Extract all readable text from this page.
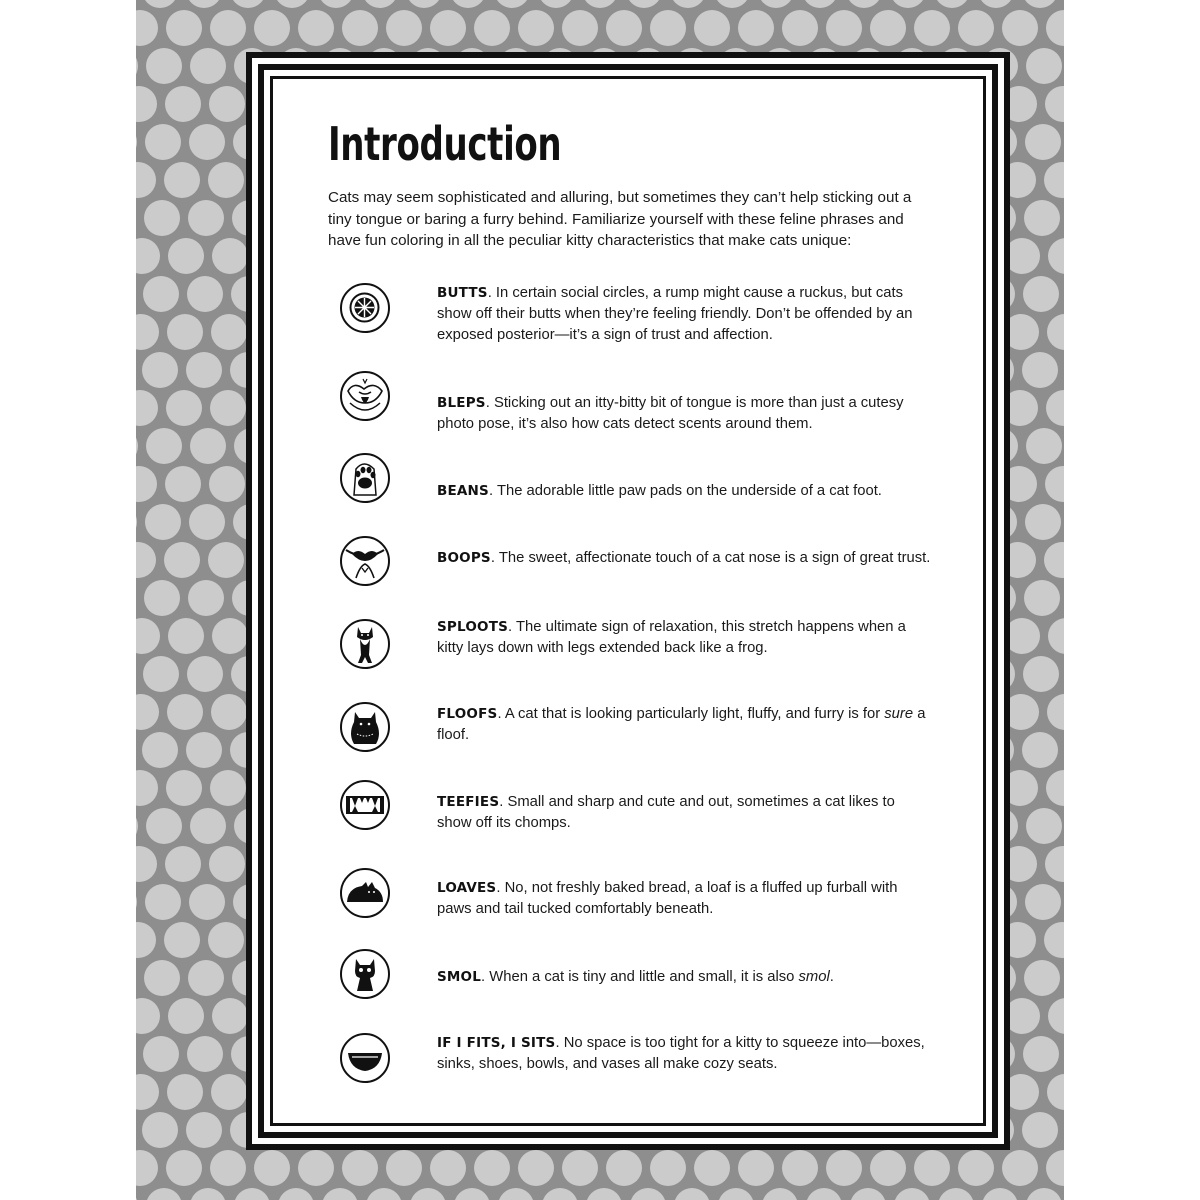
Introduction

Cats may seem sophisticated and alluring, but sometimes they can’t help sticking out a tiny tongue or baring a furry behind. Familiarize yourself with these feline phrases and have fun coloring in all the peculiar kitty characteristics that make cats unique:

BUTTS. In certain social circles, a rump might cause a ruckus, but cats show off their butts when they’re feeling friendly. Don’t be offended by an exposed posterior—it’s a sign of trust and affection.

BLEPS. Sticking out an itty-bitty bit of tongue is more than just a cutesy photo pose, it’s also how cats detect scents around them.

BEANS. The adorable little paw pads on the underside of a cat foot.

BOOPS. The sweet, affectionate touch of a cat nose is a sign of great trust.

SPLOOTS. The ultimate sign of relaxation, this stretch happens when a kitty lays down with legs extended back like a frog.

FLOOFS. A cat that is looking particularly light, fluffy, and furry is for sure a floof.

TEEFIES. Small and sharp and cute and out, sometimes a cat likes to show off its chomps.

LOAVES. No, not freshly baked bread, a loaf is a fluffed up furball with paws and tail tucked comfortably beneath.

SMOL. When a cat is tiny and little and small, it is also smol.

IF I FITS, I SITS. No space is too tight for a kitty to squeeze into—boxes, sinks, shoes, bowls, and vases all make cozy seats.
